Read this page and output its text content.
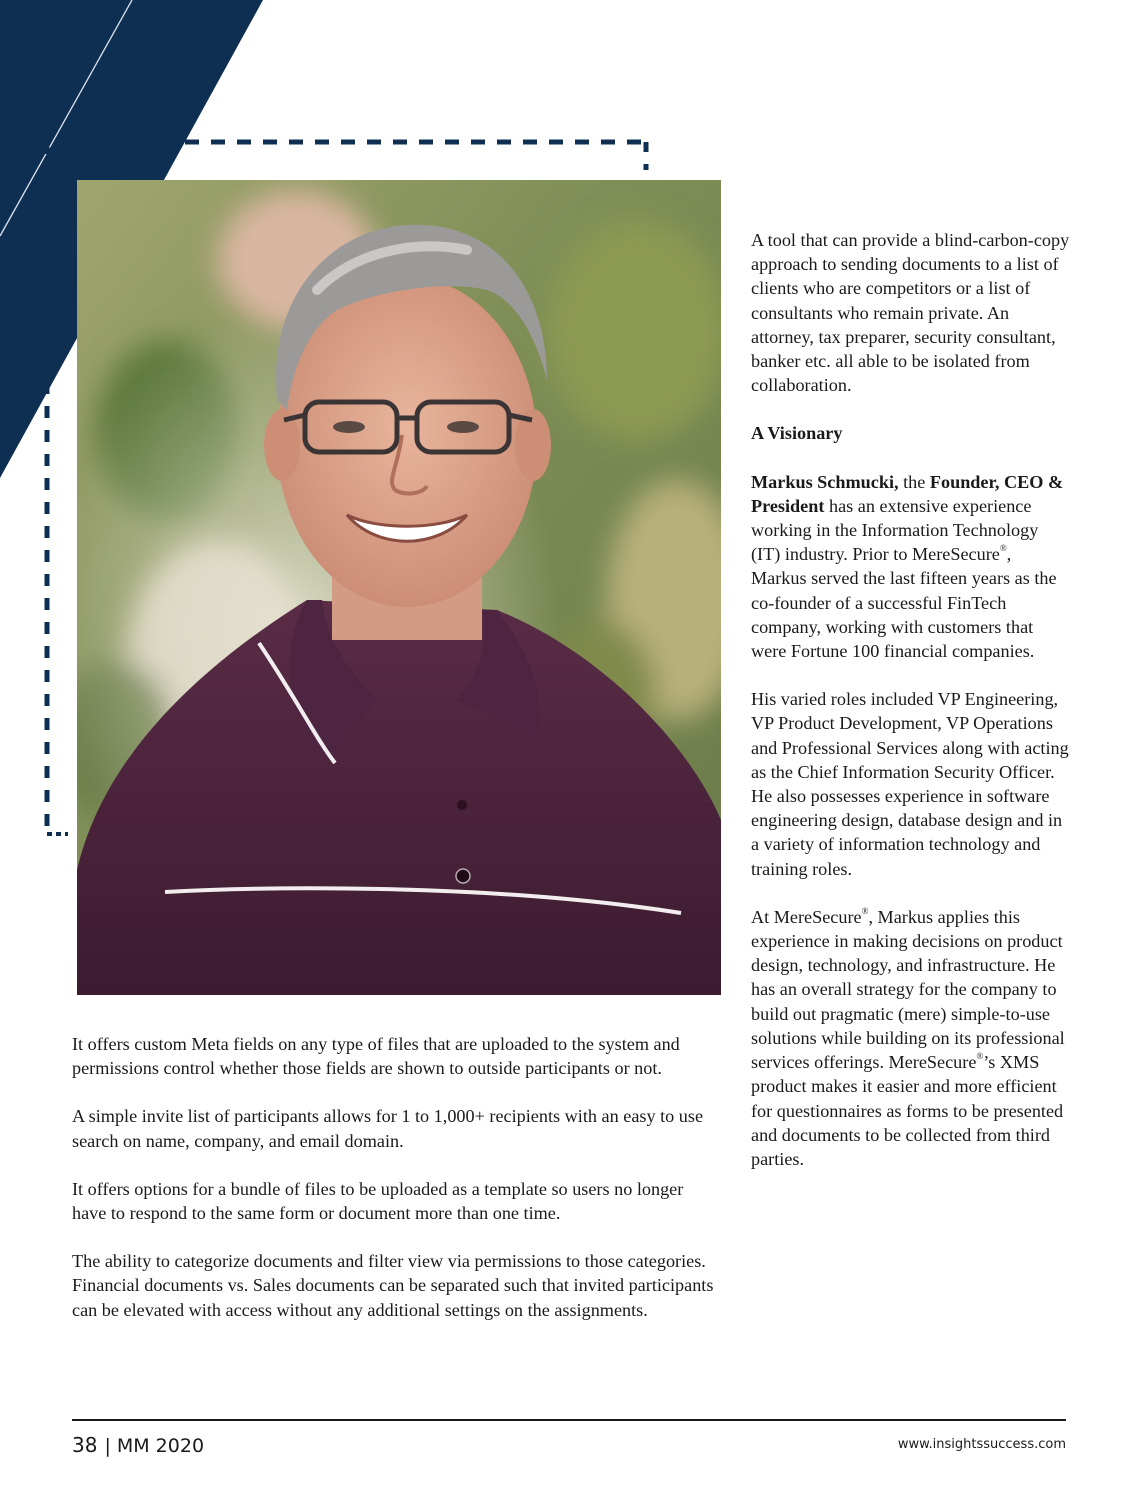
A tool that can provide a blind-carbon-copy approach to sending documents to a list of clients who are competitors or a list of consultants who remain private. An attorney, tax preparer, security consultant, banker etc. all able to be isolated from collaboration.

A Visionary

Markus Schmucki, the Founder, CEO & President has an extensive experience working in the Information Technology (IT) industry. Prior to MereSecure®, Markus served the last fifteen years as the co-founder of a successful FinTech company, working with customers that were Fortune 100 financial companies.

His varied roles included VP Engineering, VP Product Development, VP Operations and Professional Services along with acting as the Chief Information Security Officer. He also possesses experience in software engineering design, database design and in a variety of information technology and training roles.

At MereSecure®, Markus applies this experience in making decisions on product design, technology, and infrastructure. He has an overall strategy for the company to build out pragmatic (mere) simple-to-use solutions while building on its professional services offerings. MereSecure®’s XMS product makes it easier and more efficient for questionnaires as forms to be presented and documents to be collected from third parties.

It offers custom Meta fields on any type of files that are uploaded to the system and permissions control whether those fields are shown to outside participants or not.

A simple invite list of participants allows for 1 to 1,000+ recipients with an easy to use search on name, company, and email domain.

It offers options for a bundle of files to be uploaded as a template so users no longer have to respond to the same form or document more than one time.

The ability to categorize documents and filter view via permissions to those categories. Financial documents vs. Sales documents can be separated such that invited participants can be elevated with access without any additional settings on the assignments.

38 | MM 2020	www.insightssuccess.com
